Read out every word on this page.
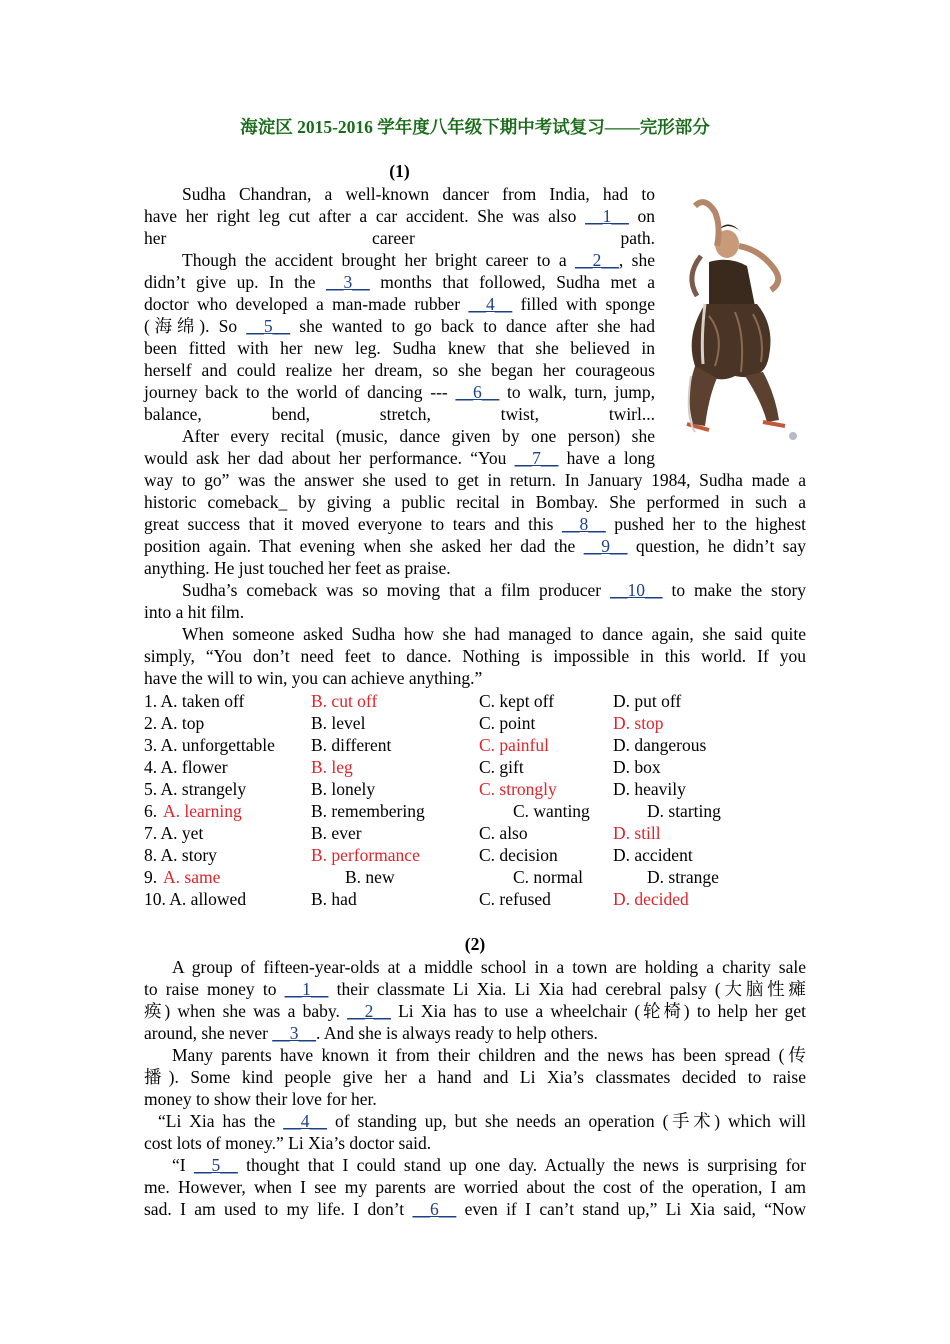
海淀区 2015-2016 学年度八年级下期中考试复习——完形部分
(1)
Sudha Chandran, a well-known dancer from India, had to
have her right leg cut after a car accident. She was also __1__ on
her career path.
Though the accident brought her bright career to a __2__, she
didn’t give up. In the __3__ months that followed, Sudha met a
doctor who developed a man-made rubber __4__ filled with sponge
(海绵). So __5__ she wanted to go back to dance after she had
been fitted with her new leg. Sudha knew that she believed in
herself and could realize her dream, so she began her courageous
journey back to the world of dancing --- __6__ to walk, turn, jump,
balance, bend, stretch, twist, twirl...
After every recital (music, dance given by one person) she
would ask her dad about her performance. “You __7__ have a long
way to go” was the answer she used to get in return. In January 1984, Sudha made a
historic comeback_ by giving a public recital in Bombay. She performed in such a
great success that it moved everyone to tears and this __8__ pushed her to the highest
position again. That evening when she asked her dad the __9__ question, he didn’t say
anything. He just touched her feet as praise.
Sudha’s comeback was so moving that a film producer __10__ to make the story
into a hit film.
When someone asked Sudha how she had managed to dance again, she said quite
simply, “You don’t need feet to dance. Nothing is impossible in this world. If you
have the will to win, you can achieve anything.”
1. A. taken off	B. cut off	C. kept off	D. put off
2. A. top	B. level	C. point	D. stop
3. A. unforgettable B. different	C. painful	D. dangerous
4. A. flower	B. leg	C. gift	D. box
5. A. strangely	B. lonely	C. strongly	D. heavily
6. A. learning	B. remembering	C. wanting	D. starting
7. A. yet	B. ever	C. also	D. still
8. A. story	B. performance	C. decision	D. accident
9. A. same	B. new	C. normal	D. strange
10. A. allowed	B. had	C. refused	D. decided
(2)
A group of fifteen-year-olds at a middle school in a town are holding a charity sale
to raise money to __1__ their classmate Li Xia. Li Xia had cerebral palsy (大脑性瘫
痪) when she was a baby. __2__ Li Xia has to use a wheelchair (轮椅) to help her get
around, she never __3__. And she is always ready to help others.
Many parents have known it from their children and the news has been spread (传
播). Some kind people give her a hand and Li Xia’s classmates decided to raise
money to show their love for her.
“Li Xia has the __4__ of standing up, but she needs an operation (手术) which will
cost lots of money.” Li Xia’s doctor said.
“I __5__ thought that I could stand up one day. Actually the news is surprising for
me. However, when I see my parents are worried about the cost of the operation, I am
sad. I am used to my life. I don’t __6__ even if I can’t stand up,” Li Xia said, “Now
